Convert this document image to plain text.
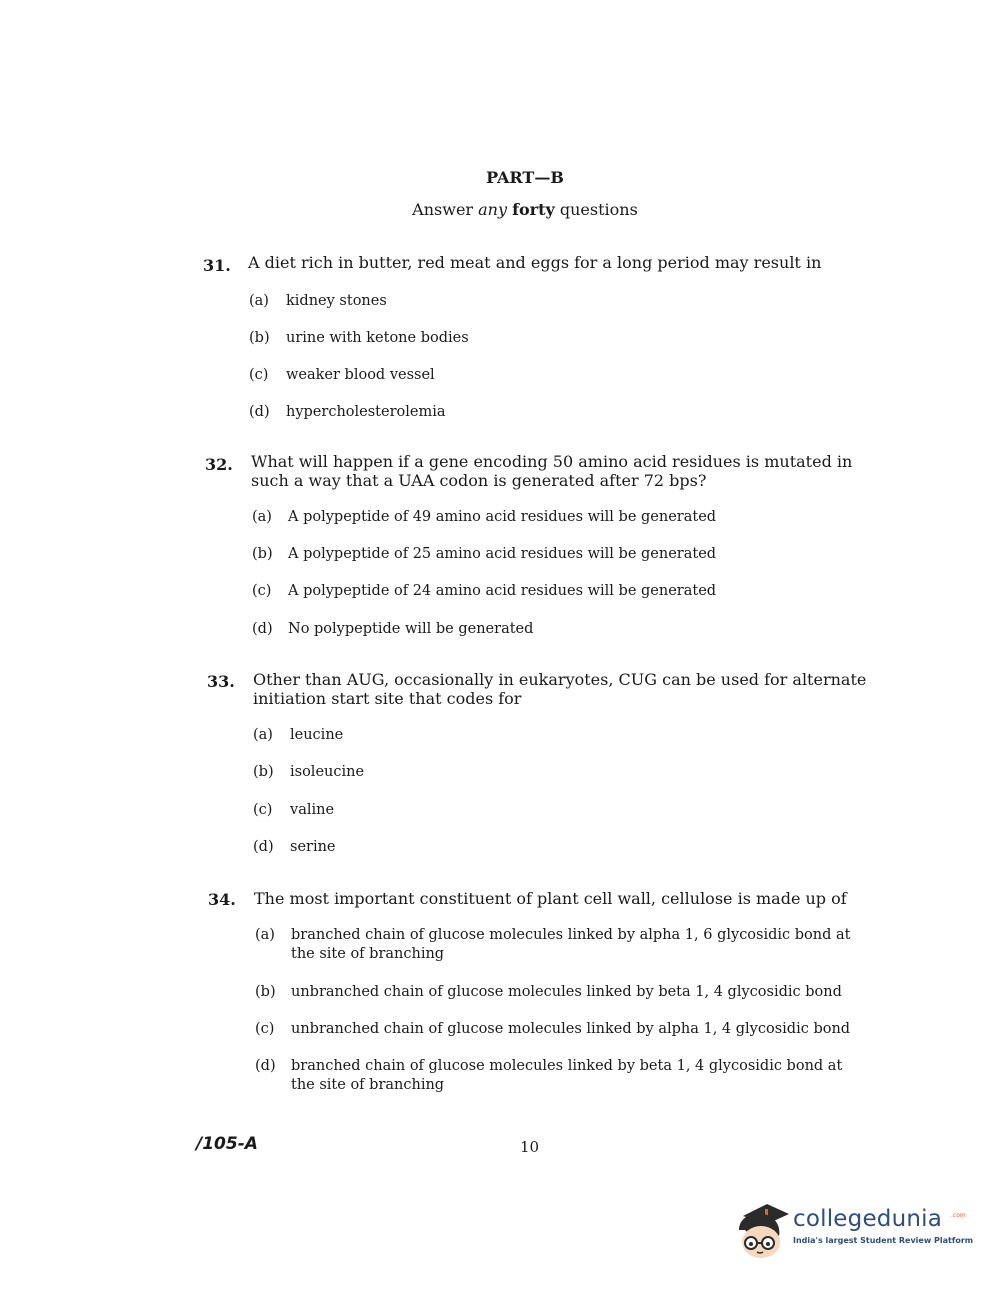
PART—B
Answer any forty questions
31. A diet rich in butter, red meat and eggs for a long period may result in
(a) kidney stones
(b) urine with ketone bodies
(c) weaker blood vessel
(d) hypercholesterolemia
32. What will happen if a gene encoding 50 amino acid residues is mutated in such a way that a UAA codon is generated after 72 bps?
(a) A polypeptide of 49 amino acid residues will be generated
(b) A polypeptide of 25 amino acid residues will be generated
(c) A polypeptide of 24 amino acid residues will be generated
(d) No polypeptide will be generated
33. Other than AUG, occasionally in eukaryotes, CUG can be used for alternate initiation start site that codes for
(a) leucine
(b) isoleucine
(c) valine
(d) serine
34. The most important constituent of plant cell wall, cellulose is made up of
(a) branched chain of glucose molecules linked by alpha 1, 6 glycosidic bond at the site of branching
(b) unbranched chain of glucose molecules linked by beta 1, 4 glycosidic bond
(c) unbranched chain of glucose molecules linked by alpha 1, 4 glycosidic bond
(d) branched chain of glucose molecules linked by beta 1, 4 glycosidic bond at the site of branching
/105-A	10
collegedunia .com
India's largest Student Review Platform
